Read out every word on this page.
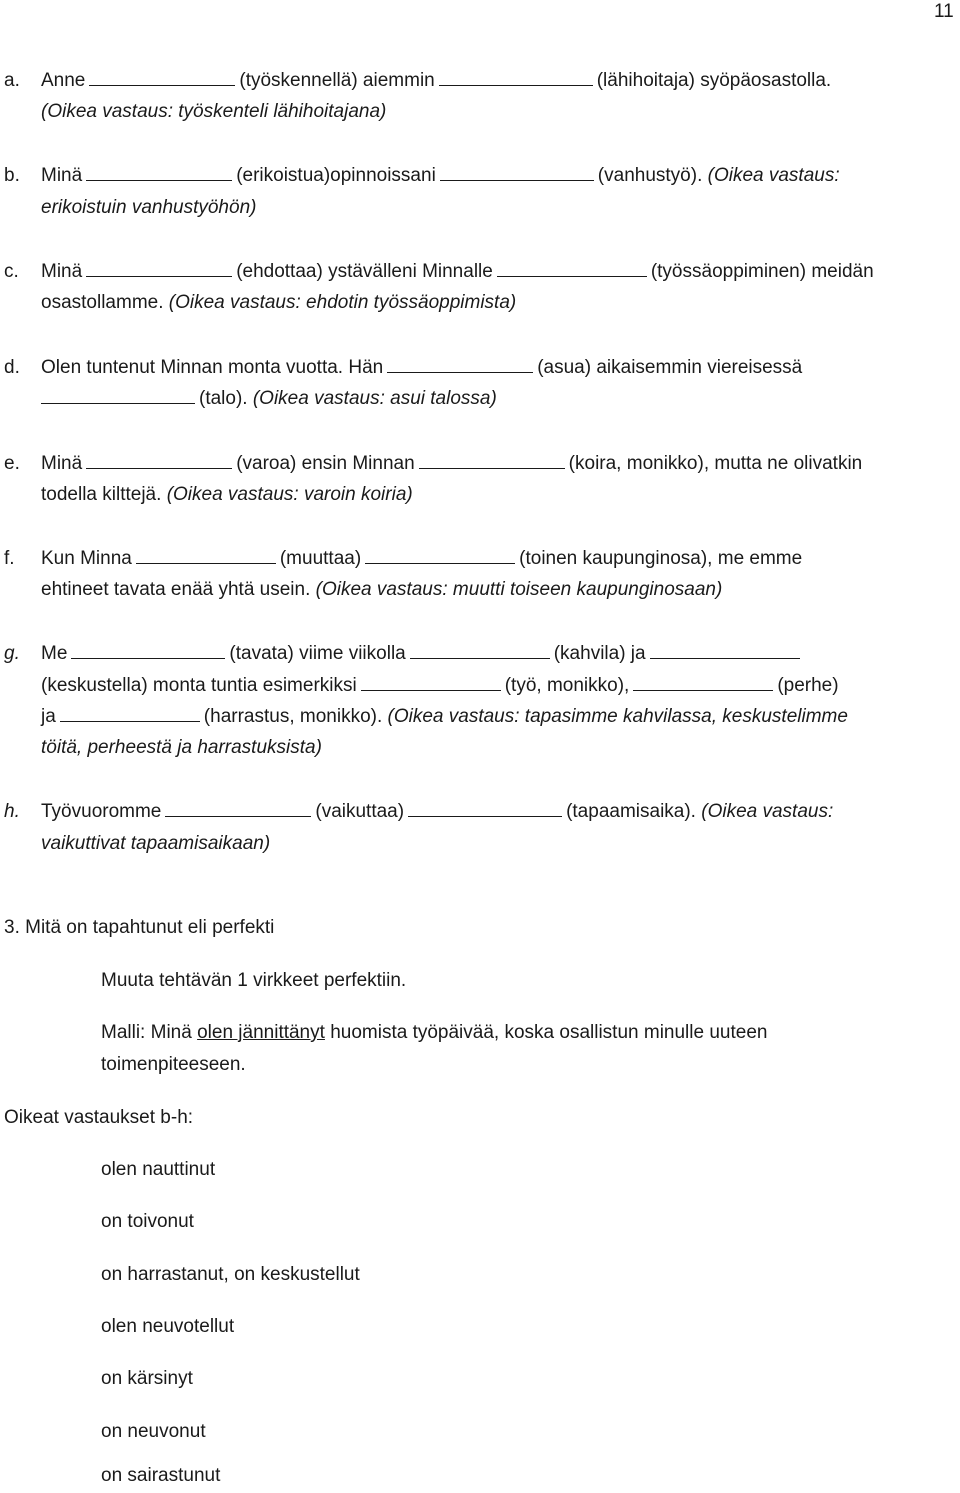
11
a. Anne	(työskennellä) aiemmin	(lähihoitaja) syöpäosastolla.
(Oikea vastaus: työskenteli lähihoitajana)
b. Minä	(erikoistua)opinnoissani	(vanhustyö). (Oikea vastaus:
erikoistuin vanhustyöhön)
c. Minä	(ehdottaa) ystävälleni Minnalle	(työssäoppiminen) meidän
osastollamme. (Oikea vastaus: ehdotin työssäoppimista)
d. Olen tuntenut Minnan monta vuotta. Hän	(asua) aikaisemmin viereisessä
(talo). (Oikea vastaus: asui talossa)
e. Minä	(varoa) ensin Minnan	(koira, monikko), mutta ne olivatkin
todella kilttejä. (Oikea vastaus: varoin koiria)
f. Kun Minna	(muuttaa)	(toinen kaupunginosa), me emme
ehtineet tavata enää yhtä usein. (Oikea vastaus: muutti toiseen kaupunginosaan)
g. Me	(tavata) viime viikolla	(kahvila) ja
(keskustella) monta tuntia esimerkiksi	(työ, monikko),	(perhe)
ja	(harrastus, monikko). (Oikea vastaus: tapasimme kahvilassa, keskustelimme
töitä, perheestä ja harrastuksista)
h. Työvuoromme	(vaikuttaa)	(tapaamisaika). (Oikea vastaus:
vaikuttivat tapaamisaikaan)
3. Mitä on tapahtunut eli perfekti
Muuta tehtävän 1 virkkeet perfektiin.
Malli: Minä olen jännittänyt huomista työpäivää, koska osallistun minulle uuteen
toimenpiteeseen.
Oikeat vastaukset b-h:
olen nauttinut
on toivonut
on harrastanut, on keskustellut
olen neuvotellut
on kärsinyt
on neuvonut
on sairastunut
